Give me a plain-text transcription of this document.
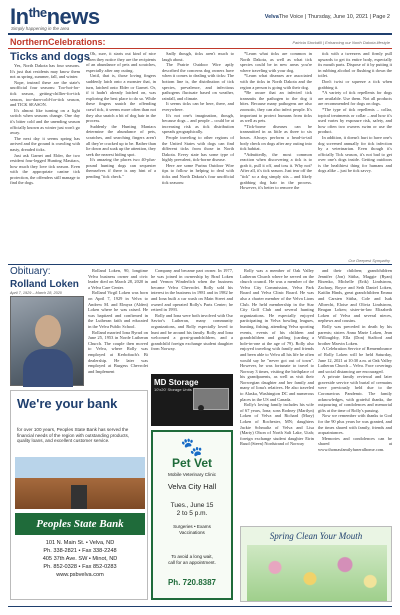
$In^{the}news$
Simply happening in the area
VelvaThe Voice | Thursday, June 10, 2021 | Page 2
NorthernCelebrations:	Patricia Stockdill | Enhancing our North Dakota lifestyle
Ticks and dogs

Yes, North Dakota has four seasons. It's just that residents may know them not as spring, summer, fall, and winter.

Nope, instead these are the state's unofficial four seasons: Too-hot-for-tick season, getting-chillier-for-tick season, too-darn-cold-for-tick season, and TICK SEASON.

It's almost like turning on a light switch when seasons change. One day it's bitter cold and the unending season officially known as winter just won't go away.

The next day it seems spring has arrived and the ground is crawling with nasty, dreaded ticks.

Just ask Garnet and Elder, the two resident four-legged Hunting Mastiacs, how much they love tick season. Even with the appropriate canine tick protection, the offenders still manage to find the dogs.

Oh, sure, it starts out kind of nice when they notice they are the recipients of an abundance of pets and scratches, especially after any outing.

Until, that is, those loving fingers suddenly latch onto a monster that, in turn, latched onto Elder or Garnet. Or, if it hadn't already latched on, was exploring the best place to do so. While these fingers snatch the offending crawl tick, it seems more often than not they also snatch a bit of dog hair in the process.

Suddenly the Hunting Maniacs determine the abundance of pets, scratches, and searching fingers aren't all they're cracked up to be. Rather than lie down and soak up the attention, they seek the nearest hiding spot.

It's amazing the places two 40-plus-pound hunting dogs can sequester themselves if there is any hint of a pending "tick check."

Sadly though, ticks aren't much to laugh about.

The Prairie Outdoor Wire aptly described the concerns dog owners have when it comes to dealing with ticks: The bottom line is, the distribution of tick species, prevalence, and infectious pathogens fluctuate based on weather, rainfall, and climate.

It seems ticks can be here, there, and everywhere.

It's not one's imagination, though, because dogs – and people – could be at increasing risk as tick distribution spreads geographically.

People traveling to other regions of the United States with dogs can find different ticks from those in North Dakota. Every state has some type of highly prevalent, tick-borne disease.

Here are some Purina Outdoor Wire tips to follow in helping to deal with ticks and North Dakota's four unofficial tick seasons:

*Learn what ticks are common in North Dakota, as well as what tick species could be in new areas you're where traveling with your dog.

*Learn what diseases are associated with the ticks in North Dakota and the region a person is going with their dog.

*Be aware that an infected tick transmits the pathogen to the dog it bites. Because many pathogens are also zoonotic, they can also infect people. It's important to protect humans from ticks as well as pets.

*Tick-borne diseases can be transmitted in as little as three to six hours. Always perform a head-to-tail body check on dogs after any outing into tick habitat.

*Admittedly, the most common reaction when discovering a tick is to grab it, pull it off, and toss it. Why not? After all, it's tick season. Just tear off the "tick" so a dog simply sits – and likely grabbing dog hair in the process. However, it's better to remove the

tick with a tweezers and firmly pull upwards to get its entire body, especially its mouth parts. Dispose of it by putting it in rubbing alcohol or flushing it down the toilet.

Don't twist or squeeze a tick when grabbing it.

*A variety of tick repellents for dogs are available. Use them. Not all products are recommended for dogs on dogs.

*The type of tick repellents – collar, topical treatments or collar – and how it's used varies by exposure risk, safety, and how often two owners swim or use the product.

In addition, it doesn't hurt to have one's dog screened annually for tick infection by a veterinarian. Even though it's officially Tick season, it's not bad to get over one's dogs inside. Getting outdoors is the healthiest thing for humans and dogs alike – just be tick savvy.

Our Deepest Sympathy
Obituary:
Rolland Loken
April 7, 1929 – March 28, 2020

Rolland Loken, 90, longtime Velva business owner and civic leader died on March 28, 2020 in a Velva Care Center.

Rolland Virgil Loken was born on April 7, 1929 in Velva to Andrew M. and Elmyra (Alden) Loken where he was raised. He was baptized and confirmed in the Lutheran faith and educated in the Velva Public School.

Rolland married Iona Byrud on June 25, 1953 in Norde Lutheran Church. The couple then moved to Velva, where Rolly was employed at Kerbobach's Bi dealership. He later was employed at Burgess Chevrolet and Implement

Company and became part owner. In 1977, he was joined in ownership by Brad Loken and Vernon Winderlich when the business became Velva Chevrolet. Rolly sold his interest in the business in 1981 and in 1982 he and Iona built a car wash on Main Street and owned and operated Rolly's Parts Center; he retired in 1993.

Rolly and Iona were both involved with Our Savior's Lutheran, many community organizations, and Rolly especially loved to hunt and be around his family. Rolly and Iona welcomed a great-grandchildren, and a grandchild foreign exchange student daughter from Norway.

Rolly was a member of Oak Valley Lutheran Church where he served on the church council. He was a member of the Velva City Commission, Velva Park Board and Velva Clinic Board. He was also a charter member of the Velva Lions Club. He held membership in the Star City Golf Club and several hunting organizations. He especially enjoyed participating in Velva bowling leagues, hunting, fishing, attending Velva sporting events, events of his children and grandchildren and golfing (carding a hole-in-one at the age of 79). Rolly also enjoyed traveling with family and friends and been able to Velva all his life he often would say he "never got out of town". However, he was fortunate to travel to Norway 3 times, visiting the birthplace of his grandparents, as well as visit their Norwegian daughter and her family and many of Iona's relatives. He also traveled to Alaska, Washington DC and numerous places in the US and Canada.

Rolly's loving family includes his wife of 67 years, Iona; sons Rodney (Marilyn) Loken of Velva and Richard (Mary) Loken of Rochester, MN; daughters Jackie Schmaltz of Velva and Lisa (Marty) Olson of North Salt Lake, Utah; foreign exchange student daughter Eirin Ruud (Steen) Nordstrand of Norway

and their children; grandchildren Jennifer (Jon) Sittba, Maggie (Ryan) Bixenko, Michelle (Erik) Lindstrom, Zachary, Royce and Seth Daniel Loken, Kaitlin Hinds, great grandchildren Emma and Carsten Sittba, Cole and Isak Albrecht, Eloise and Olivia Lindstrom, Reagan Loken; sister-in-law Elizabeth Loken of Velva and several nieces, nephews and cousins.

Rolly was preceded in death by his parents; sisters Anna Marie Loken, Jean Willoughby, Ella (Don) Stafford and brother Marvin Loken.

A Celebration Service of Remembrance of Rolly Loken will be held Saturday, June 12, 2021 at 10:30 a.m. at Oak Valley Lutheran Church – Velva. Face coverings and social distancing are encouraged.

A private family reviewal and later graveside service with burial of cremains were previously held due to the Coronavirus Pandemic. The family acknowledges, with grateful thanks, the outpouring of condolences and memorial gifts at the time of Rolly's passing.

Now we remember with thanks to God for the 90 plus years he was granted, and the times shared with family, friends and acquaintances.

Memories and condolences can be shared at www.thomasfamilyfuneralhome.com.

We're your bank
for over 100 years, Peoples State Bank has served the financial needs of the region with outstanding products, quality loans, and excellent customer service.
Peoples State Bank
101 N. Main St. • Velva, ND
Ph. 338-2821 • Fax 338-2248
405 37th Ave. SW • Minot, ND
Ph. 852-0328 • Fax 852-0283
www.psbvelva.com
MD Storage
10'x20' Storage Units
🐾
Pet Vet
Mobile Veterinary Clinic
Velva City Hall
Tues., June 15
2 to 5 p.m.
Surgeries • Exams
Vaccinations
To avoid a long wait,
call for an appointment.
Ph. 720.8387
Spring Clean Your Mouth
